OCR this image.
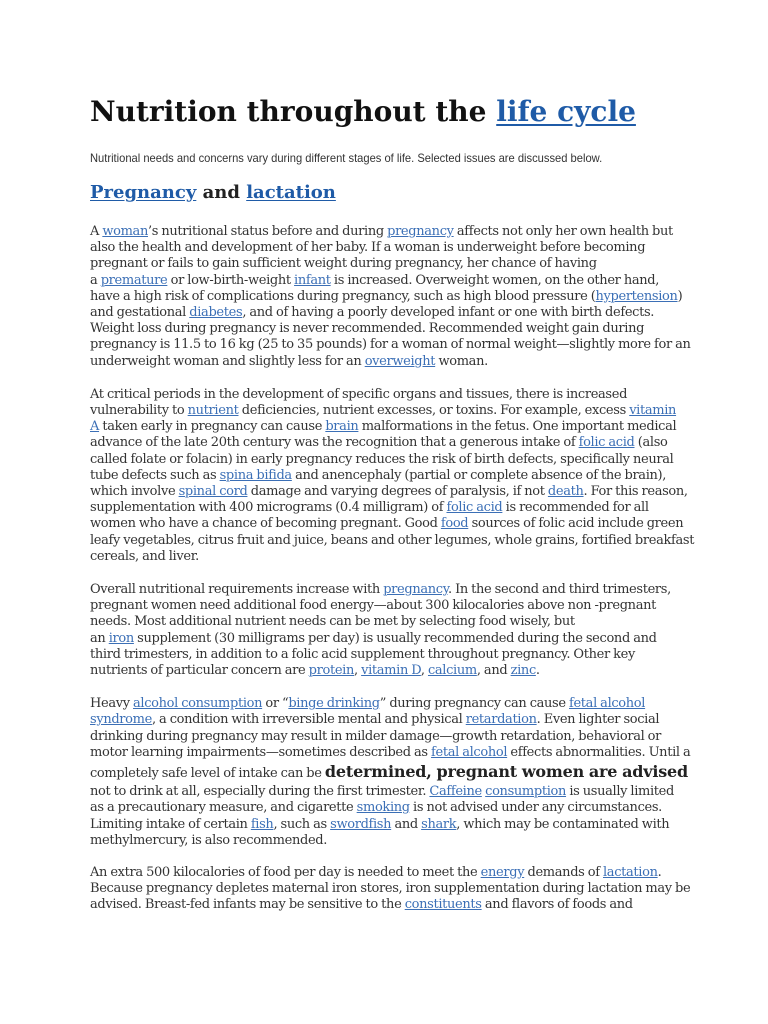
Nutrition throughout the life cycle
Nutritional needs and concerns vary during different stages of life. Selected issues are discussed below.
Pregnancy and lactation
A woman’s nutritional status before and during pregnancy affects not only her own health but
also the health and development of her baby. If a woman is underweight before becoming
pregnant or fails to gain sufficient weight during pregnancy, her chance of having
a premature or low-birth-weight infant is increased. Overweight women, on the other hand,
have a high risk of complications during pregnancy, such as high blood pressure (hypertension)
and gestational diabetes, and of having a poorly developed infant or one with birth defects.
Weight loss during pregnancy is never recommended. Recommended weight gain during
pregnancy is 11.5 to 16 kg (25 to 35 pounds) for a woman of normal weight—slightly more for an
underweight woman and slightly less for an overweight woman.
At critical periods in the development of specific organs and tissues, there is increased
vulnerability to nutrient deficiencies, nutrient excesses, or toxins. For example, excess vitamin
A taken early in pregnancy can cause brain malformations in the fetus. One important medical
advance of the late 20th century was the recognition that a generous intake of folic acid (also
called folate or folacin) in early pregnancy reduces the risk of birth defects, specifically neural
tube defects such as spina bifida and anencephaly (partial or complete absence of the brain),
which involve spinal cord damage and varying degrees of paralysis, if not death. For this reason,
supplementation with 400 micrograms (0.4 milligram) of folic acid is recommended for all
women who have a chance of becoming pregnant. Good food sources of folic acid include green
leafy vegetables, citrus fruit and juice, beans and other legumes, whole grains, fortified breakfast
cereals, and liver.
Overall nutritional requirements increase with pregnancy. In the second and third trimesters,
pregnant women need additional food energy—about 300 kilocalories above non -pregnant
needs. Most additional nutrient needs can be met by selecting food wisely, but
an iron supplement (30 milligrams per day) is usually recommended during the second and
third trimesters, in addition to a folic acid supplement throughout pregnancy. Other key
nutrients of particular concern are protein, vitamin D, calcium, and zinc.
Heavy alcohol consumption or “binge drinking” during pregnancy can cause fetal alcohol
syndrome, a condition with irreversible mental and physical retardation. Even lighter social
drinking during pregnancy may result in milder damage—growth retardation, behavioral or
motor learning impairments—sometimes described as fetal alcohol effects abnormalities. Until a
completely safe level of intake can be determined, pregnant women are advised
not to drink at all, especially during the first trimester. Caffeine consumption is usually limited
as a precautionary measure, and cigarette smoking is not advised under any circumstances.
Limiting intake of certain fish, such as swordfish and shark, which may be contaminated with
methylmercury, is also recommended.
An extra 500 kilocalories of food per day is needed to meet the energy demands of lactation.
Because pregnancy depletes maternal iron stores, iron supplementation during lactation may be
advised. Breast-fed infants may be sensitive to the constituents and flavors of foods and
